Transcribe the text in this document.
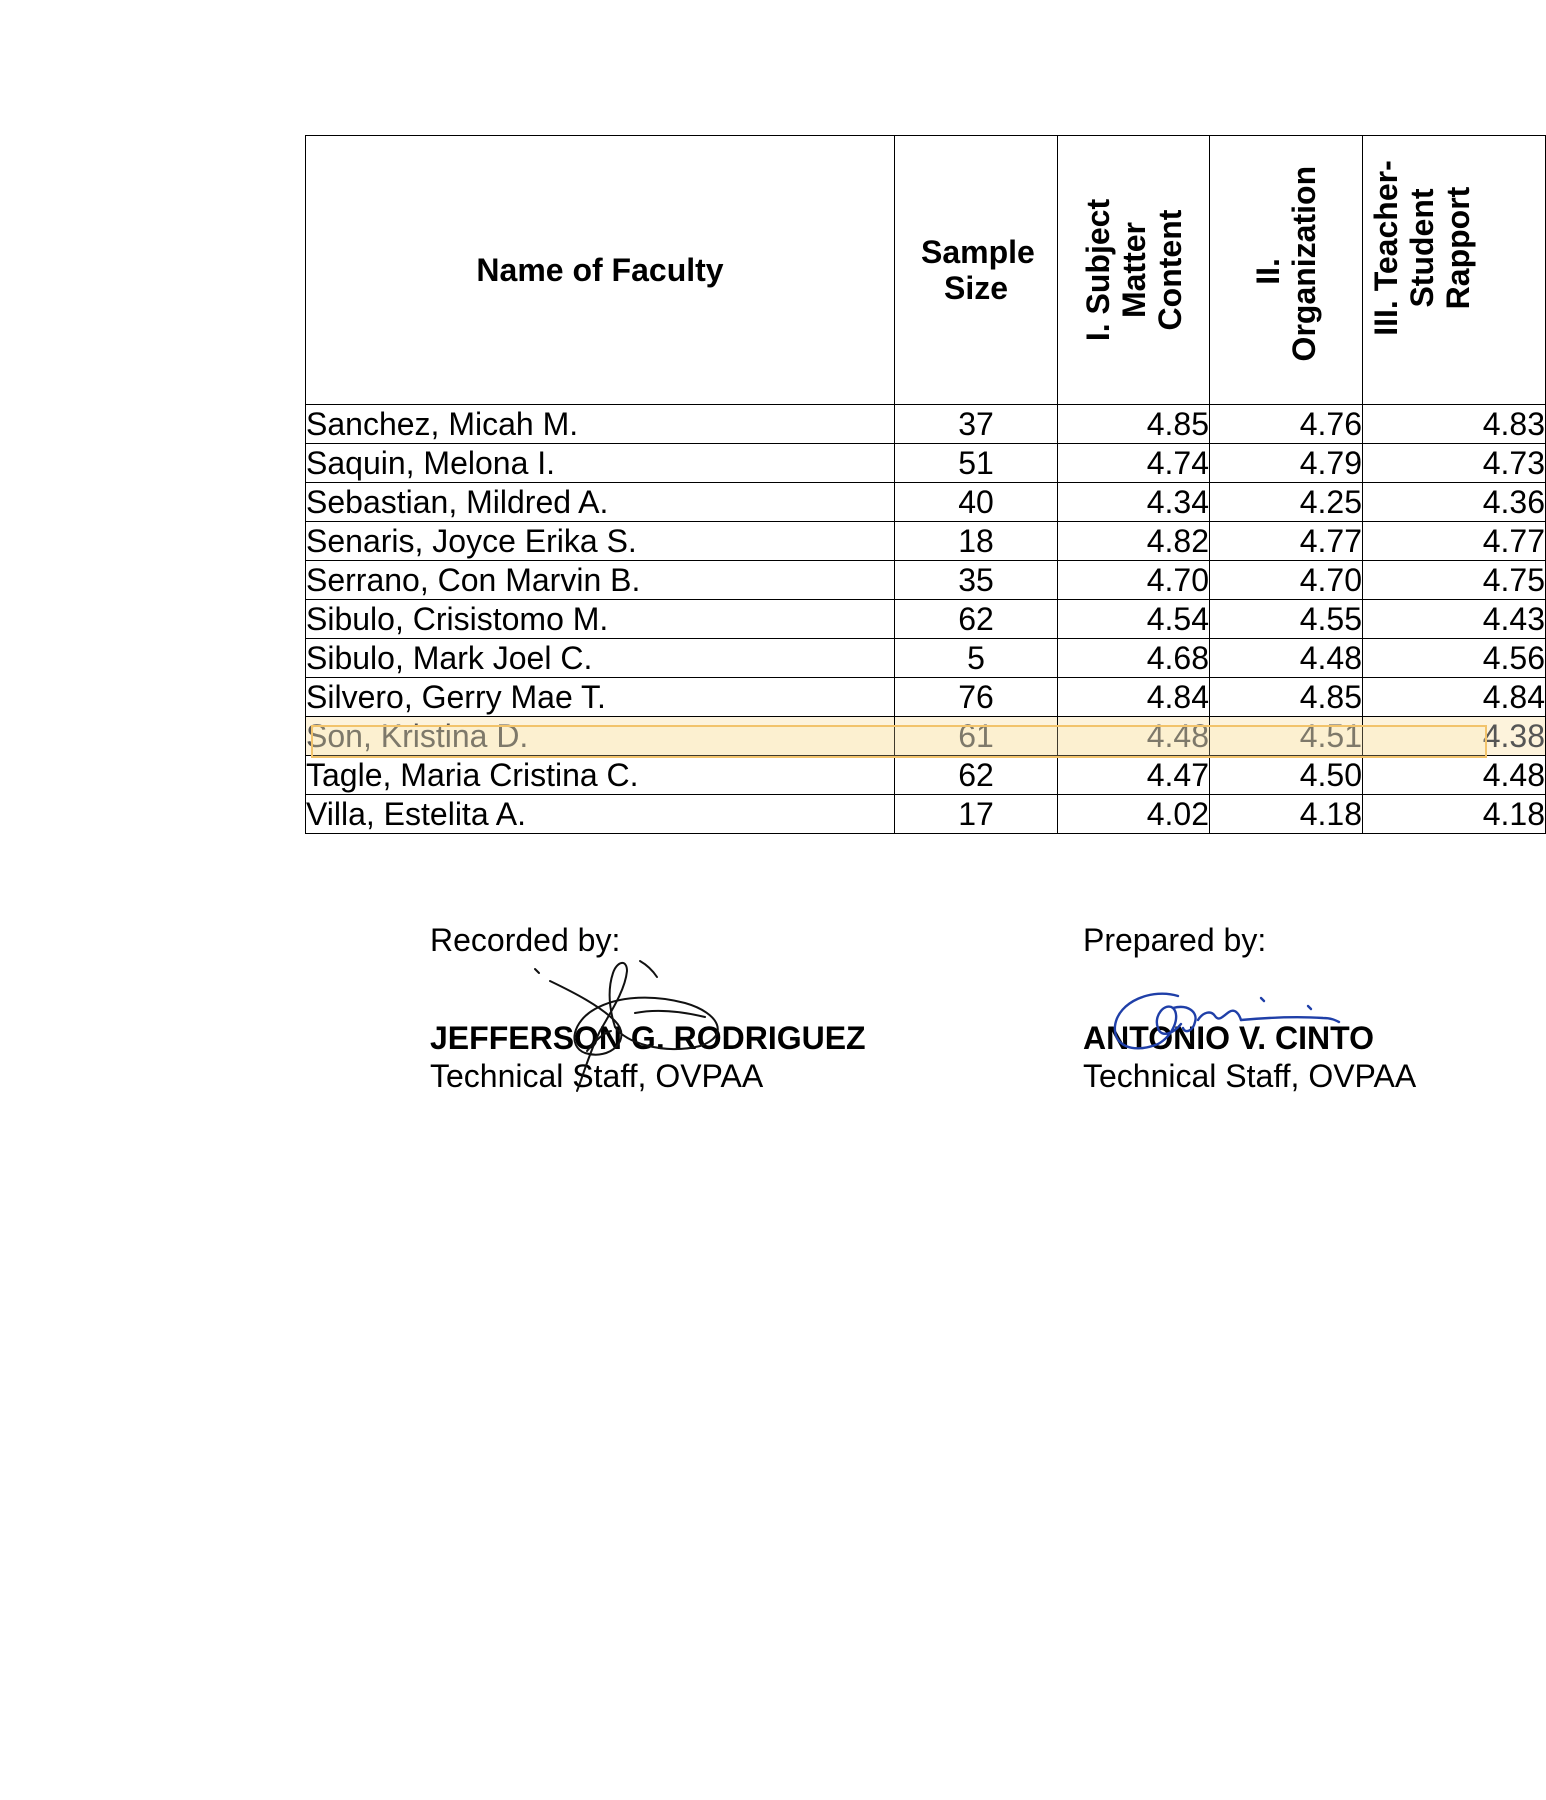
Name of Faculty	Sample Size	I. Subject Matter Content	II. Organization	III. Teacher-Student Rapport

Sanchez, Micah M.	37	4.85	4.76	4.83
Saquin, Melona I.	51	4.74	4.79	4.73
Sebastian, Mildred A.	40	4.34	4.25	4.36
Senaris, Joyce Erika S.	18	4.82	4.77	4.77
Serrano, Con Marvin B.	35	4.70	4.70	4.75
Sibulo, Crisistomo M.	62	4.54	4.55	4.43
Sibulo, Mark Joel C.	5	4.68	4.48	4.56
Silvero, Gerry Mae T.	76	4.84	4.85	4.84
Son, Kristina D.	61	4.48	4.51	4.38
Tagle, Maria Cristina C.	62	4.47	4.50	4.48
Villa, Estelita A.	17	4.02	4.18	4.18
Recorded by:
JEFFERSON G. RODRIGUEZ
Technical Staff, OVPAA
Prepared by:
ANTONIO V. CINTO
Technical Staff, OVPAA
